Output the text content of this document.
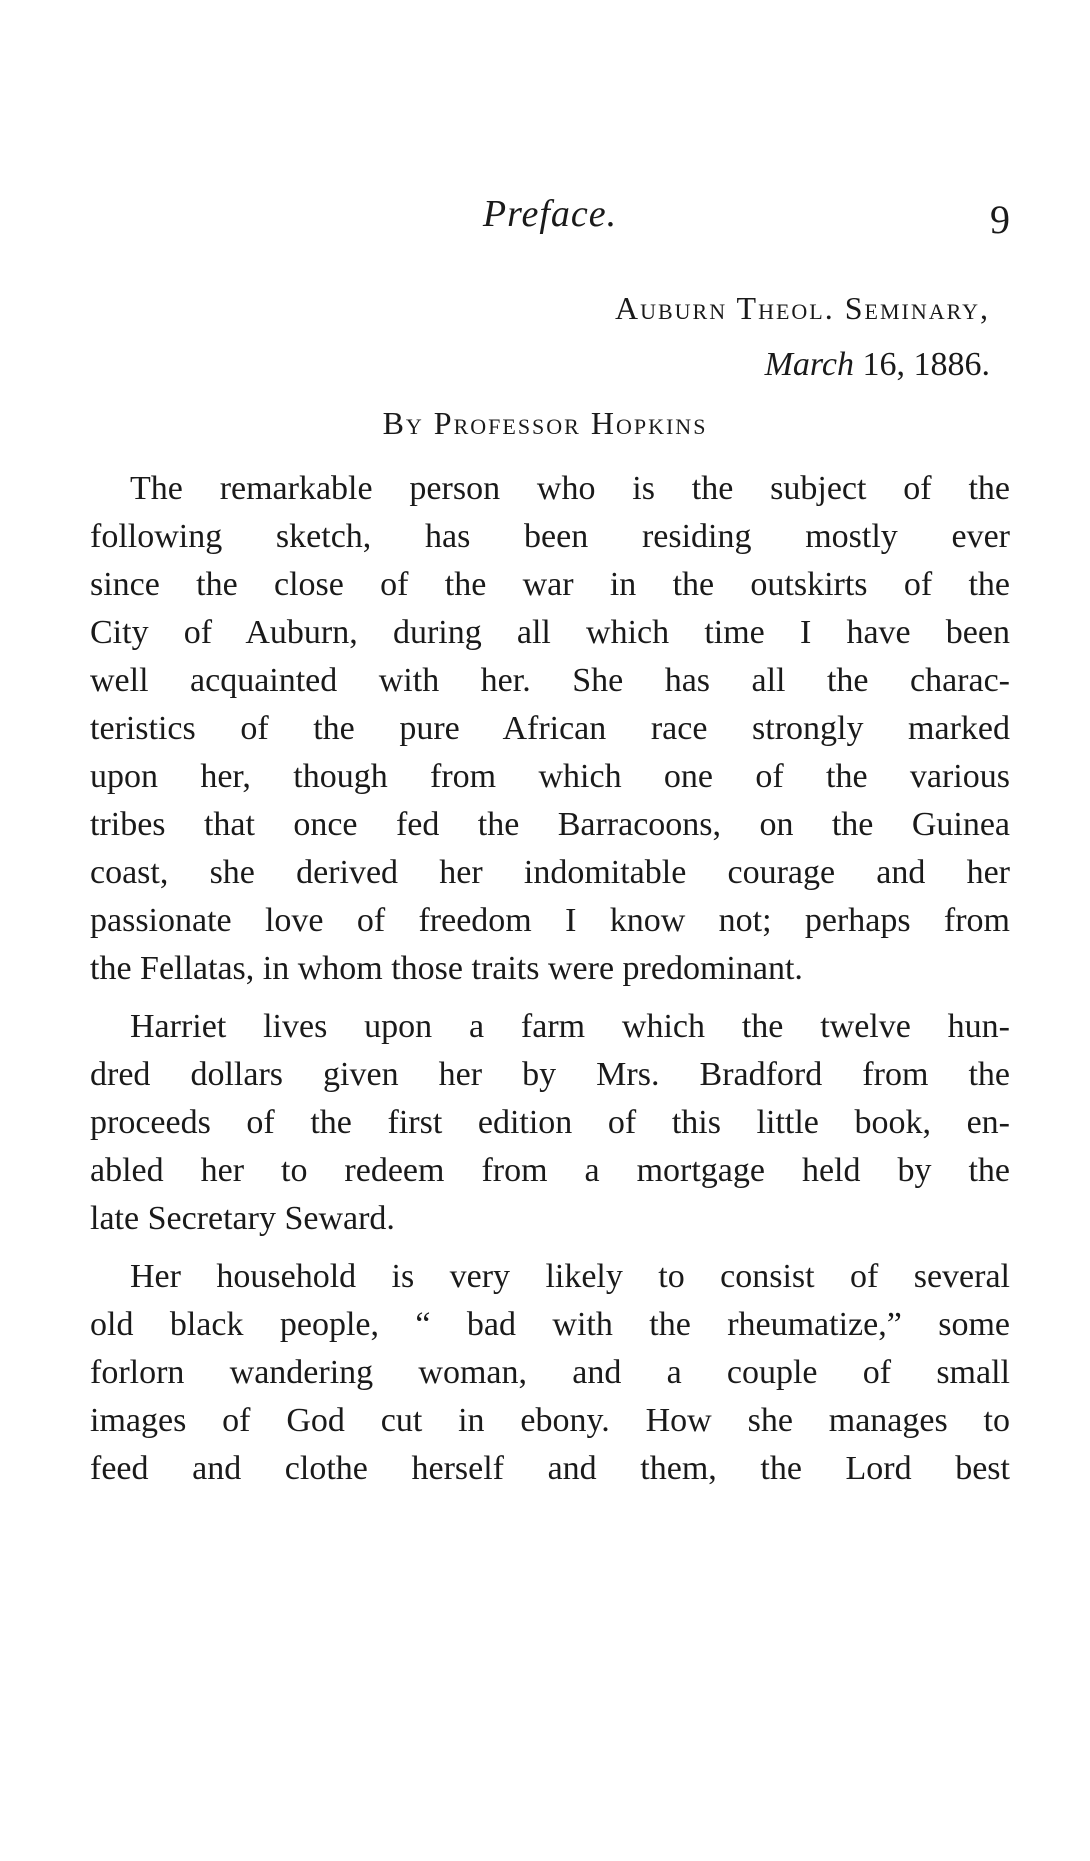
Preface.	9
Auburn Theol. Seminary,
March 16, 1886.
By Professor Hopkins
The remarkable person who is the subject of the
following sketch, has been residing mostly ever
since the close of the war in the outskirts of the
City of Auburn, during all which time I have been
well acquainted with her. She has all the charac-
teristics of the pure African race strongly marked
upon her, though from which one of the various
tribes that once fed the Barracoons, on the Guinea
coast, she derived her indomitable courage and her
passionate love of freedom I know not; perhaps from
the Fellatas, in whom those traits were predominant.
Harriet lives upon a farm which the twelve hun-
dred dollars given her by Mrs. Bradford from the
proceeds of the first edition of this little book, en-
abled her to redeem from a mortgage held by the
late Secretary Seward.
Her household is very likely to consist of several
old black people, “ bad with the rheumatize,” some
forlorn wandering woman, and a couple of small
images of God cut in ebony. How she manages to
feed and clothe herself and them, the Lord best
